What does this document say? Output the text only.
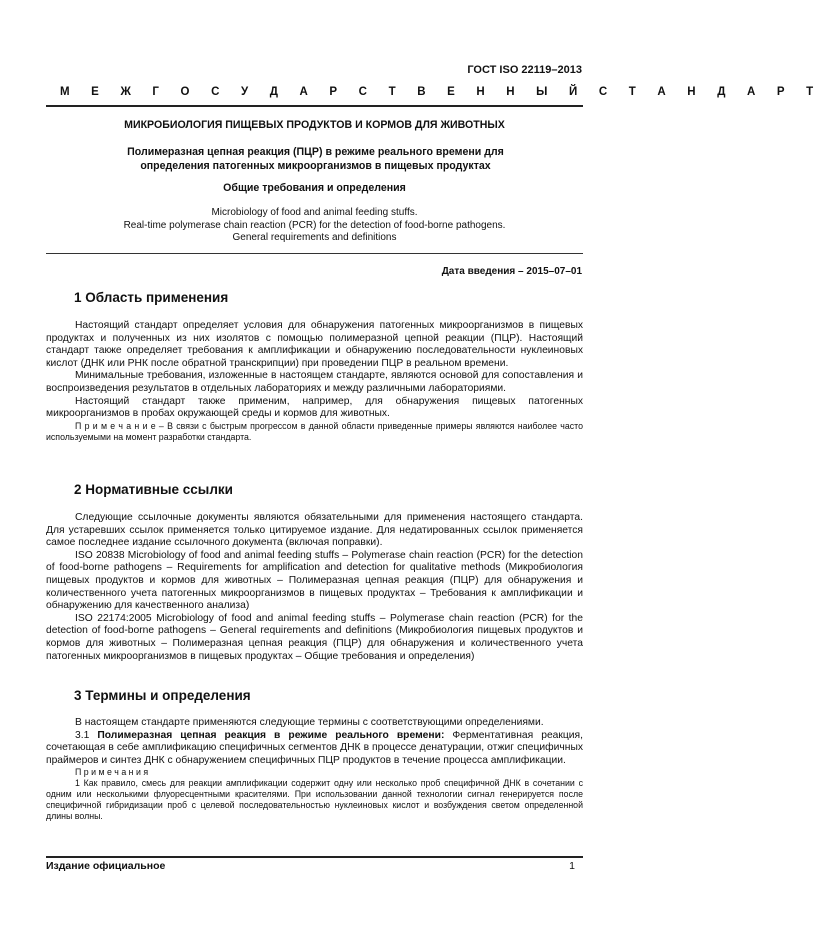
ГОСТ ISO 22119–2013
М Е Ж Г О С У Д А Р С Т В Е Н Н Ы Й С Т А Н Д А Р Т
МИКРОБИОЛОГИЯ ПИЩЕВЫХ ПРОДУКТОВ И КОРМОВ ДЛЯ ЖИВОТНЫХ
Полимеразная цепная реакция (ПЦР) в режиме реального времени для
определения патогенных микроорганизмов в пищевых продуктах
Общие требования и определения
Microbiology of food and animal feeding stuffs.
Real-time polymerase chain reaction (PCR) for the detection of food-borne pathogens.
General requirements and definitions
Дата введения – 2015–07–01
1 Область применения

Настоящий стандарт определяет условия для обнаружения патогенных микроорганизмов в пищевых продуктах и полученных из них изолятов с помощью полимеразной цепной реакции (ПЦР). Настоящий стандарт также определяет требования к амплификации и обнаружению последовательности нуклеиновых кислот (ДНК или РНК после обратной транскрипции) при проведении ПЦР в реальном времени.

Минимальные требования, изложенные в настоящем стандарте, являются основой для сопоставления и воспроизведения результатов в отдельных лабораториях и между различными лабораториями.

Настоящий стандарт также применим, например, для обнаружения пищевых патогенных микроорганизмов в пробах окружающей среды и кормов для животных.

П р и м е ч а н и е – В связи с быстрым прогрессом в данной области приведенные примеры являются наиболее часто используемыми на момент разработки стандарта.

2 Нормативные ссылки

Следующие ссылочные документы являются обязательными для применения настоящего стандарта. Для устаревших ссылок применяется только цитируемое издание. Для недатированных ссылок применяется самое последнее издание ссылочного документа (включая поправки).

ISO 20838 Microbiology of food and animal feeding stuffs – Polymerase chain reaction (PCR) for the detection of food-borne pathogens – Requirements for amplification and detection for qualitative methods (Микробиология пищевых продуктов и кормов для животных – Полимеразная цепная реакция (ПЦР) для обнаружения и количественного учета патогенных микроорганизмов в пищевых продуктах – Требования к амплификации и обнаружению для качественного анализа)

ISO 22174:2005 Microbiology of food and animal feeding stuffs – Polymerase chain reaction (PCR) for the detection of food-borne pathogens – General requirements and definitions (Микробиология пищевых продуктов и кормов для животных – Полимеразная цепная реакция (ПЦР) для обнаружения и количественного учета патогенных микроорганизмов в пищевых продуктах – Общие требования и определения)

3 Термины и определения

В настоящем стандарте применяются следующие термины с соответствующими определениями.

3.1 Полимеразная цепная реакция в режиме реального времени: Ферментативная реакция, сочетающая в себе амплификацию специфичных сегментов ДНК в процессе денатурации, отжиг специфичных праймеров и синтез ДНК с обнаружением специфичных ПЦР продуктов в течение процесса амплификации.

П р и м е ч а н и я

1 Как правило, смесь для реакции амплификации содержит одну или несколько проб специфичной ДНК в сочетании с одним или несколькими флуоресцентными красителями. При использовании данной технологии сигнал генерируется после специфичной гибридизации проб с целевой последовательностью нуклеиновых кислот и возбуждения светом определенной длины волны.

Издание официальное	1
